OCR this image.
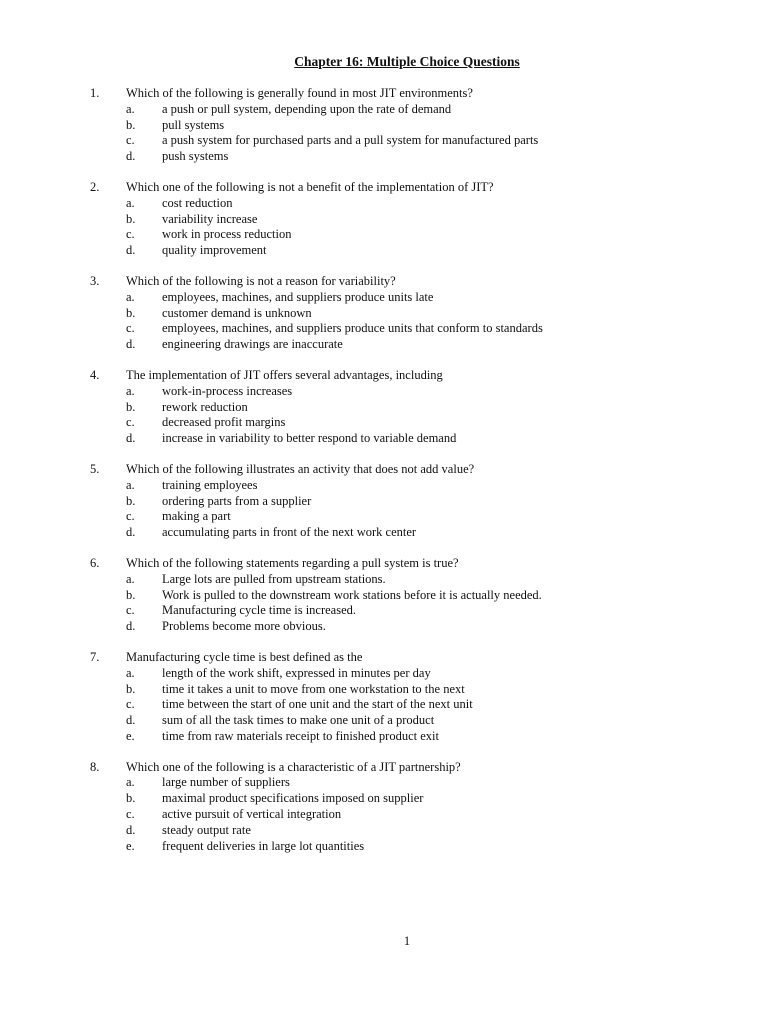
Chapter 16: Multiple Choice Questions
1. Which of the following is generally found in most JIT environments?
a. a push or pull system, depending upon the rate of demand
b. pull systems
c. a push system for purchased parts and a pull system for manufactured parts
d. push systems
2. Which one of the following is not a benefit of the implementation of JIT?
a. cost reduction
b. variability increase
c. work in process reduction
d. quality improvement
3. Which of the following is not a reason for variability?
a. employees, machines, and suppliers produce units late
b. customer demand is unknown
c. employees, machines, and suppliers produce units that conform to standards
d. engineering drawings are inaccurate
4. The implementation of JIT offers several advantages, including
a. work-in-process increases
b. rework reduction
c. decreased profit margins
d. increase in variability to better respond to variable demand
5. Which of the following illustrates an activity that does not add value?
a. training employees
b. ordering parts from a supplier
c. making a part
d. accumulating parts in front of the next work center
6. Which of the following statements regarding a pull system is true?
a. Large lots are pulled from upstream stations.
b. Work is pulled to the downstream work stations before it is actually needed.
c. Manufacturing cycle time is increased.
d. Problems become more obvious.
7. Manufacturing cycle time is best defined as the
a. length of the work shift, expressed in minutes per day
b. time it takes a unit to move from one workstation to the next
c. time between the start of one unit and the start of the next unit
d. sum of all the task times to make one unit of a product
e. time from raw materials receipt to finished product exit
8. Which one of the following is a characteristic of a JIT partnership?
a. large number of suppliers
b. maximal product specifications imposed on supplier
c. active pursuit of vertical integration
d. steady output rate
e. frequent deliveries in large lot quantities
1
